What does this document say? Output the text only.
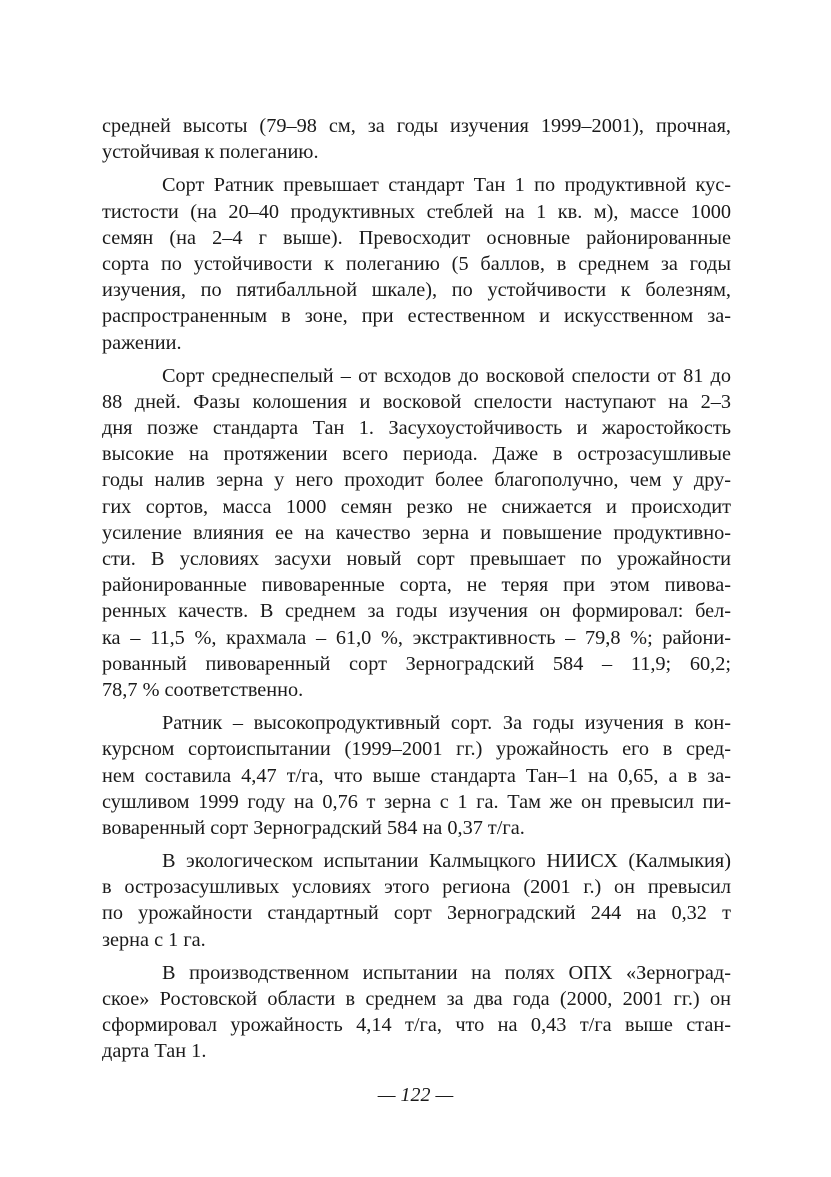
средней высоты (79–98 см, за годы изучения 1999–2001), прочная,
устойчивая к полеганию.
Сорт Ратник превышает стандарт Тан 1 по продуктивной кус-
тистости (на 20–40 продуктивных стеблей на 1 кв. м), массе 1000
семян (на 2–4 г выше). Превосходит основные районированные
сорта по устойчивости к полеганию (5 баллов, в среднем за годы
изучения, по пятибалльной шкале), по устойчивости к болезням,
распространенным в зоне, при естественном и искусственном за-
ражении.
Сорт среднеспелый – от всходов до восковой спелости от 81 до
88 дней. Фазы колошения и восковой спелости наступают на 2–3
дня позже стандарта Тан 1. Засухоустойчивость и жаростойкость
высокие на протяжении всего периода. Даже в острозасушливые
годы налив зерна у него проходит более благополучно, чем у дру-
гих сортов, масса 1000 семян резко не снижается и происходит
усиление влияния ее на качество зерна и повышение продуктивно-
сти. В условиях засухи новый сорт превышает по урожайности
районированные пивоваренные сорта, не теряя при этом пивова-
ренных качеств. В среднем за годы изучения он формировал: бел-
ка – 11,5 %, крахмала – 61,0 %, экстрактивность – 79,8 %; райони-
рованный пивоваренный сорт Зерноградский 584 – 11,9; 60,2;
78,7 % соответственно.
Ратник – высокопродуктивный сорт. За годы изучения в кон-
курсном сортоиспытании (1999–2001 гг.) урожайность его в сред-
нем составила 4,47 т/га, что выше стандарта Тан–1 на 0,65, а в за-
сушливом 1999 году на 0,76 т зерна с 1 га. Там же он превысил пи-
воваренный сорт Зерноградский 584 на 0,37 т/га.
В экологическом испытании Калмыцкого НИИСХ (Калмыкия)
в острозасушливых условиях этого региона (2001 г.) он превысил
по урожайности стандартный сорт Зерноградский 244 на 0,32 т
зерна с 1 га.
В производственном испытании на полях ОПХ «Зерноград-
ское» Ростовской области в среднем за два года (2000, 2001 гг.) он
сформировал урожайность 4,14 т/га, что на 0,43 т/га выше стан-
дарта Тан 1.
— 122 —
